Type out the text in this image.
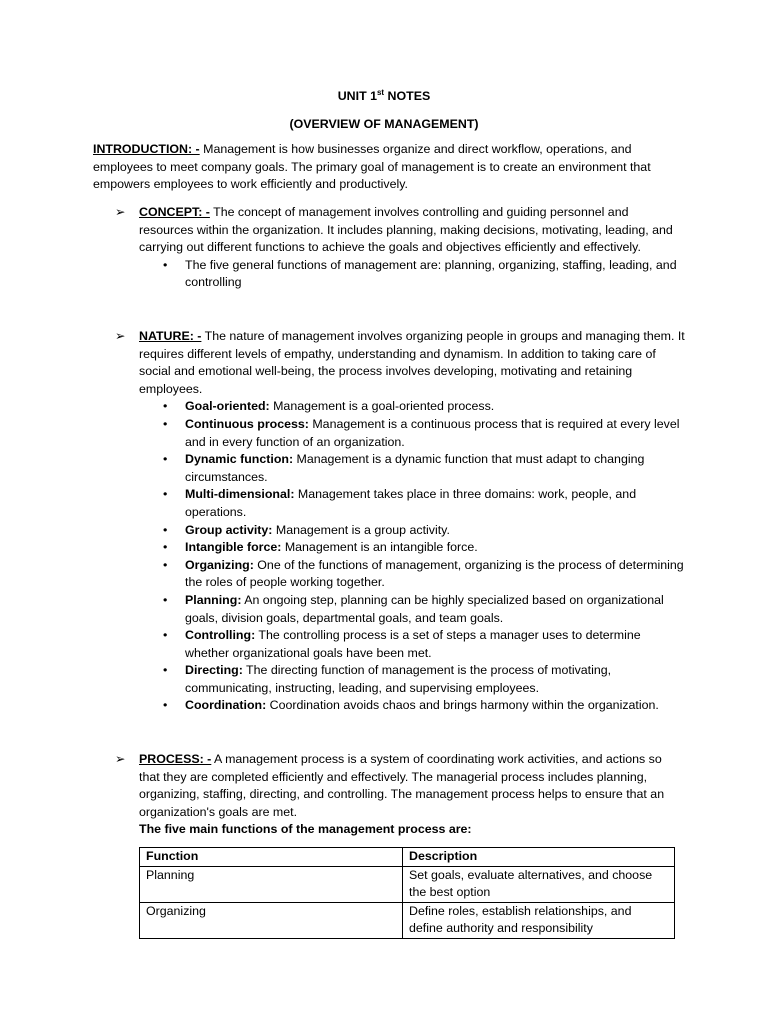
UNIT 1st NOTES
(OVERVIEW OF MANAGEMENT)
INTRODUCTION: - Management is how businesses organize and direct workflow, operations, and employees to meet company goals. The primary goal of management is to create an environment that empowers employees to work efficiently and productively.
➢	CONCEPT: - The concept of management involves controlling and guiding personnel and resources within the organization. It includes planning, making decisions, motivating, leading, and carrying out different functions to achieve the goals and objectives efficiently and effectively.
• The five general functions of management are: planning, organizing, staffing, leading, and controlling
➢	NATURE: - The nature of management involves organizing people in groups and managing them. It requires different levels of empathy, understanding and dynamism. In addition to taking care of social and emotional well-being, the process involves developing, motivating and retaining employees.
• Goal-oriented: Management is a goal-oriented process.
• Continuous process: Management is a continuous process that is required at every level and in every function of an organization.
• Dynamic function: Management is a dynamic function that must adapt to changing circumstances.
• Multi-dimensional: Management takes place in three domains: work, people, and operations.
• Group activity: Management is a group activity.
• Intangible force: Management is an intangible force.
• Organizing: One of the functions of management, organizing is the process of determining the roles of people working together.
• Planning: An ongoing step, planning can be highly specialized based on organizational goals, division goals, departmental goals, and team goals.
• Controlling: The controlling process is a set of steps a manager uses to determine whether organizational goals have been met.
• Directing: The directing function of management is the process of motivating, communicating, instructing, leading, and supervising employees.
• Coordination: Coordination avoids chaos and brings harmony within the organization.
➢	PROCESS: - A management process is a system of coordinating work activities, and actions so that they are completed efficiently and effectively. The managerial process includes planning, organizing, staffing, directing, and controlling. The management process helps to ensure that an organization's goals are met.
The five main functions of the management process are:
Function	Description
Planning	Set goals, evaluate alternatives, and choose the best option
Organizing	Define roles, establish relationships, and define authority and responsibility
